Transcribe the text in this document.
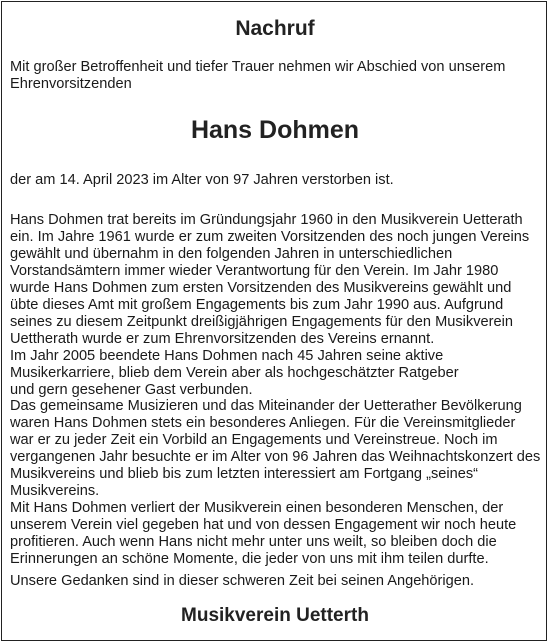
Nachruf
Mit großer Betroffenheit und tiefer Trauer nehmen wir Abschied von unserem
Ehrenvorsitzenden
Hans Dohmen
der am 14. April 2023 im Alter von 97 Jahren verstorben ist.
Hans Dohmen trat bereits im Gründungsjahr 1960 in den Musikverein Uetterath
ein. Im Jahre 1961 wurde er zum zweiten Vorsitzenden des noch jungen Vereins
gewählt und übernahm in den folgenden Jahren in unterschiedlichen
Vorstandsämtern immer wieder Verantwortung für den Verein. Im Jahr 1980
wurde Hans Dohmen zum ersten Vorsitzenden des Musikvereins gewählt und
übte dieses Amt mit großem Engagements bis zum Jahr 1990 aus. Aufgrund
seines zu diesem Zeitpunkt dreißigjährigen Engagements für den Musikverein
Uettherath wurde er zum Ehrenvorsitzenden des Vereins ernannt.
Im Jahr 2005 beendete Hans Dohmen nach 45 Jahren seine aktive
Musikerkarriere, blieb dem Verein aber als hochgeschätzter Ratgeber
und gern gesehener Gast verbunden.
Das gemeinsame Musizieren und das Miteinander der Uetterather Bevölkerung
waren Hans Dohmen stets ein besonderes Anliegen. Für die Vereinsmitglieder
war er zu jeder Zeit ein Vorbild an Engagements und Vereinstreue. Noch im
vergangenen Jahr besuchte er im Alter von 96 Jahren das Weihnachtskonzert des
Musikvereins und blieb bis zum letzten interessiert am Fortgang „seines“
Musikvereins.
Mit Hans Dohmen verliert der Musikverein einen besonderen Menschen, der
unserem Verein viel gegeben hat und von dessen Engagement wir noch heute
profitieren. Auch wenn Hans nicht mehr unter uns weilt, so bleiben doch die
Erinnerungen an schöne Momente, die jeder von uns mit ihm teilen durfte.
Unsere Gedanken sind in dieser schweren Zeit bei seinen Angehörigen.
Musikverein Uetterth
